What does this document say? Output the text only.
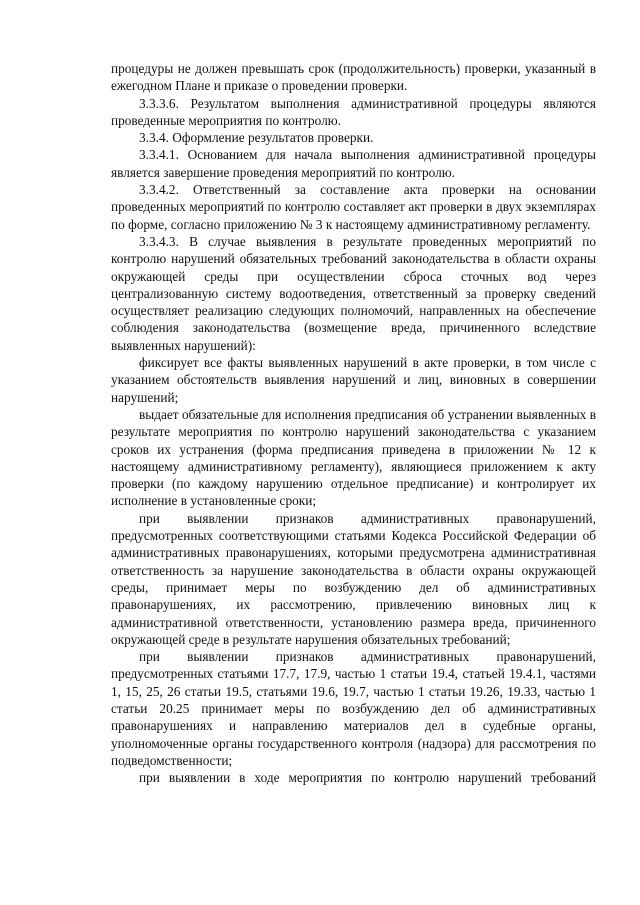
процедуры не должен превышать срок (продолжительность) проверки, указанный в ежегодном Плане и приказе о проведении проверки.

3.3.3.6. Результатом выполнения административной процедуры являются проведенные мероприятия по контролю.

3.3.4. Оформление результатов проверки.

3.3.4.1. Основанием для начала выполнения административной процедуры является завершение проведения мероприятий по контролю.

3.3.4.2. Ответственный за составление акта проверки на основании проведенных мероприятий по контролю составляет акт проверки в двух экземплярах по форме, согласно приложению № 3 к настоящему административному регламенту.

3.3.4.3. В случае выявления в результате проведенных мероприятий по контролю нарушений обязательных требований законодательства в области охраны окружающей среды при осуществлении сброса сточных вод через централизованную систему водоотведения, ответственный за проверку сведений осуществляет реализацию следующих полномочий, направленных на обеспечение соблюдения законодательства (возмещение вреда, причиненного вследствие выявленных нарушений):

фиксирует все факты выявленных нарушений в акте проверки, в том числе с указанием обстоятельств выявления нарушений и лиц, виновных в совершении нарушений;

выдает обязательные для исполнения предписания об устранении выявленных в результате мероприятия по контролю нарушений законодательства с указанием сроков их устранения (форма предписания приведена в приложении № 12 к настоящему административному регламенту), являющиеся приложением к акту проверки (по каждому нарушению отдельное предписание) и контролирует их исполнение в установленные сроки;

при выявлении признаков административных правонарушений, предусмотренных соответствующими статьями Кодекса Российской Федерации об административных правонарушениях, которыми предусмотрена административная ответственность за нарушение законодательства в области охраны окружающей среды, принимает меры по возбуждению дел об административных правонарушениях, их рассмотрению, привлечению виновных лиц к административной ответственности, установлению размера вреда, причиненного окружающей среде в результате нарушения обязательных требований;

при выявлении признаков административных правонарушений, предусмотренных статьями 17.7, 17.9, частью 1 статьи 19.4, статьей 19.4.1, частями 1, 15, 25, 26 статьи 19.5, статьями 19.6, 19.7, частью 1 статьи 19.26, 19.33, частью 1 статьи 20.25 принимает меры по возбуждению дел об административных правонарушениях и направлению материалов дел в судебные органы, уполномоченные органы государственного контроля (надзора) для рассмотрения по подведомственности;

при выявлении в ходе мероприятия по контролю нарушений требований
